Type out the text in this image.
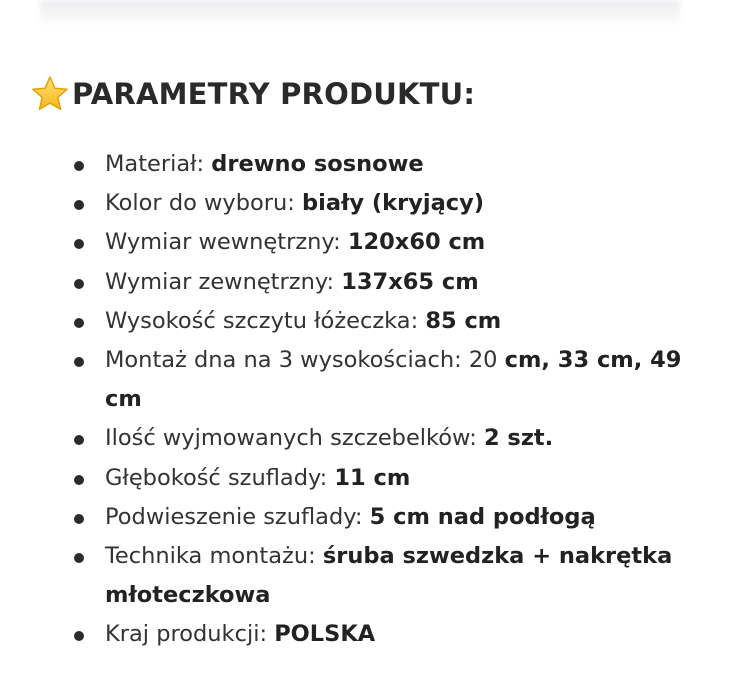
PARAMETRY PRODUKTU:
Materiał: drewno sosnowe
Kolor do wyboru: biały (kryjący)
Wymiar wewnętrzny: 120x60 cm
Wymiar zewnętrzny: 137x65 cm
Wysokość szczytu łóżeczka: 85 cm
Montaż dna na 3 wysokościach: 20 cm, 33 cm, 49 cm
Ilość wyjmowanych szczebelków: 2 szt.
Głębokość szuflady: 11 cm
Podwieszenie szuflady: 5 cm nad podłogą
Technika montażu: śruba szwedzka + nakrętka młoteczkowa
Kraj produkcji: POLSKA
